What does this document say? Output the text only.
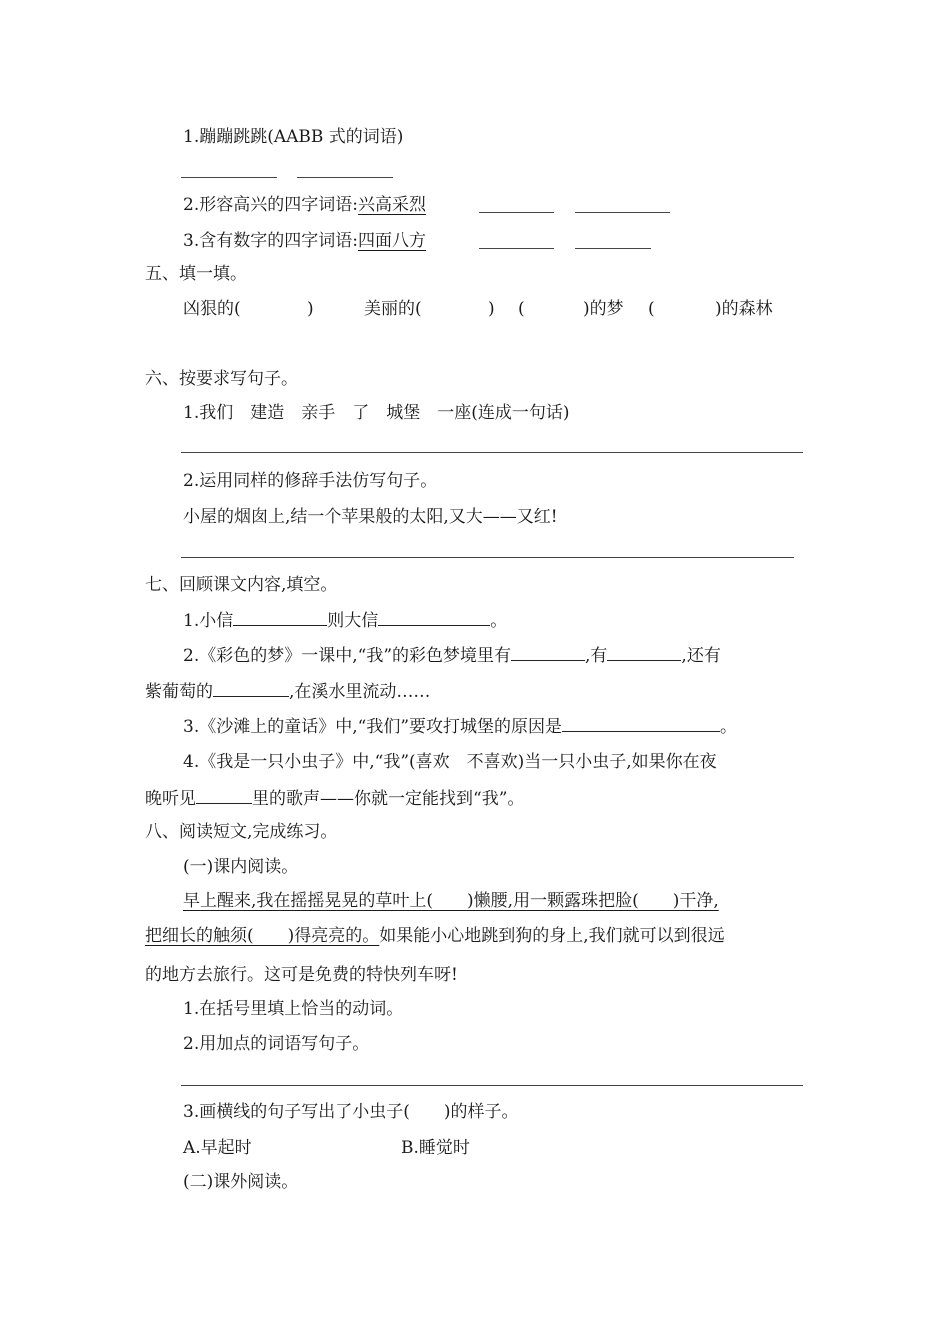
1.蹦蹦跳跳(AABB 式的词语)
2.形容高兴的四字词语:兴高采烈
3.含有数字的四字词语:四面八方
五、填一填。
凶狠的(	)	美丽的(	) (	)的梦 (	)的森林
六、按要求写句子。
1.我们　建造　亲手　了　城堡　一座(连成一句话)
2.运用同样的修辞手法仿写句子。
小屋的烟囱上,结一个苹果般的太阳,又大——又红!
七、回顾课文内容,填空。
1.小信	则大信	。
2.《彩色的梦》一课中,“我”的彩色梦境里有	,有	,还有
紫葡萄的	,在溪水里流动……
3.《沙滩上的童话》中,“我们”要攻打城堡的原因是	。
4.《我是一只小虫子》中,“我”(喜欢　不喜欢)当一只小虫子,如果你在夜
晚听见	里的歌声——你就一定能找到“我”。
八、阅读短文,完成练习。
(一)课内阅读。
早上醒来,我在摇摇晃晃的草叶上(　　)懒腰,用一颗露珠把脸(　　)干净,
把细长的触须(　　)得亮亮的。如果能小心地跳到狗的身上,我们就可以到很远
的地方去旅行。这可是免费的特快列车呀!
1.在括号里填上恰当的动词。
2.用加点的词语写句子。
3.画横线的句子写出了小虫子(　　)的样子。
A.早起时	B.睡觉时
(二)课外阅读。
